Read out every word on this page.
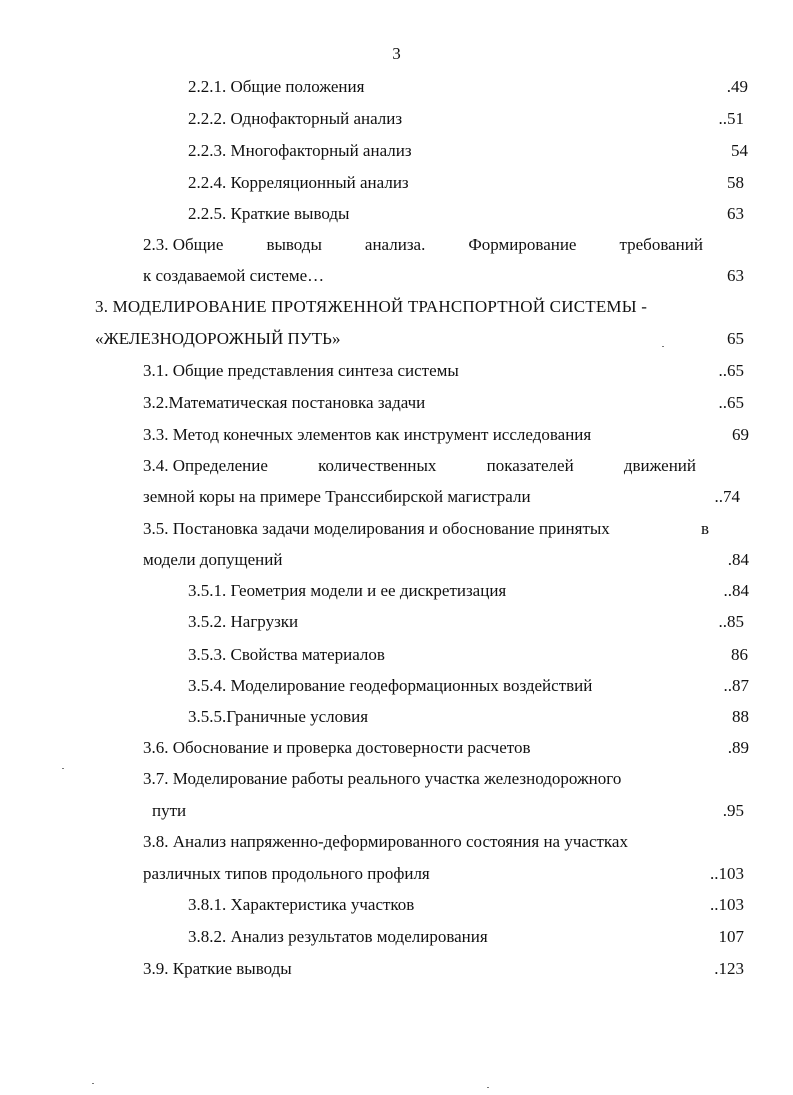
3
2.2.1. Общие положения	.49
2.2.2. Однофакторный анализ	..51
2.2.3. Многофакторный анализ	54
2.2.4. Корреляционный анализ	58
2.2.5. Краткие выводы	63
2.3. Общие	выводы	анализа.	Формирование	требований
к создаваемой системе…	63
3. МОДЕЛИРОВАНИЕ ПРОТЯЖЕННОЙ ТРАНСПОРТНОЙ СИСТЕМЫ -
«ЖЕЛЕЗНОДОРОЖНЫЙ ПУТЬ»	65
3.1. Общие представления синтеза системы	..65
3.2.Математическая постановка задачи	..65
3.3. Метод конечных элементов как инструмент исследования	69
3.4. Определение	количественных	показателей	движений
земной коры на примере Транссибирской магистрали	..74
3.5. Постановка задачи моделирования и обоснование принятых	в
модели допущений	.84
3.5.1. Геометрия модели и ее дискретизация	..84
3.5.2. Нагрузки	..85
3.5.3. Свойства материалов	86
3.5.4. Моделирование геодеформационных воздействий	..87
3.5.5.Граничные условия	88
3.6. Обоснование и проверка достоверности расчетов	.89
3.7. Моделирование работы реального участка железнодорожного
пути	.95
3.8. Анализ напряженно-деформированного состояния на участках
различных типов продольного профиля	..103
3.8.1. Характеристика участков	..103
3.8.2. Анализ результатов моделирования	107
3.9. Краткие выводы	.123
